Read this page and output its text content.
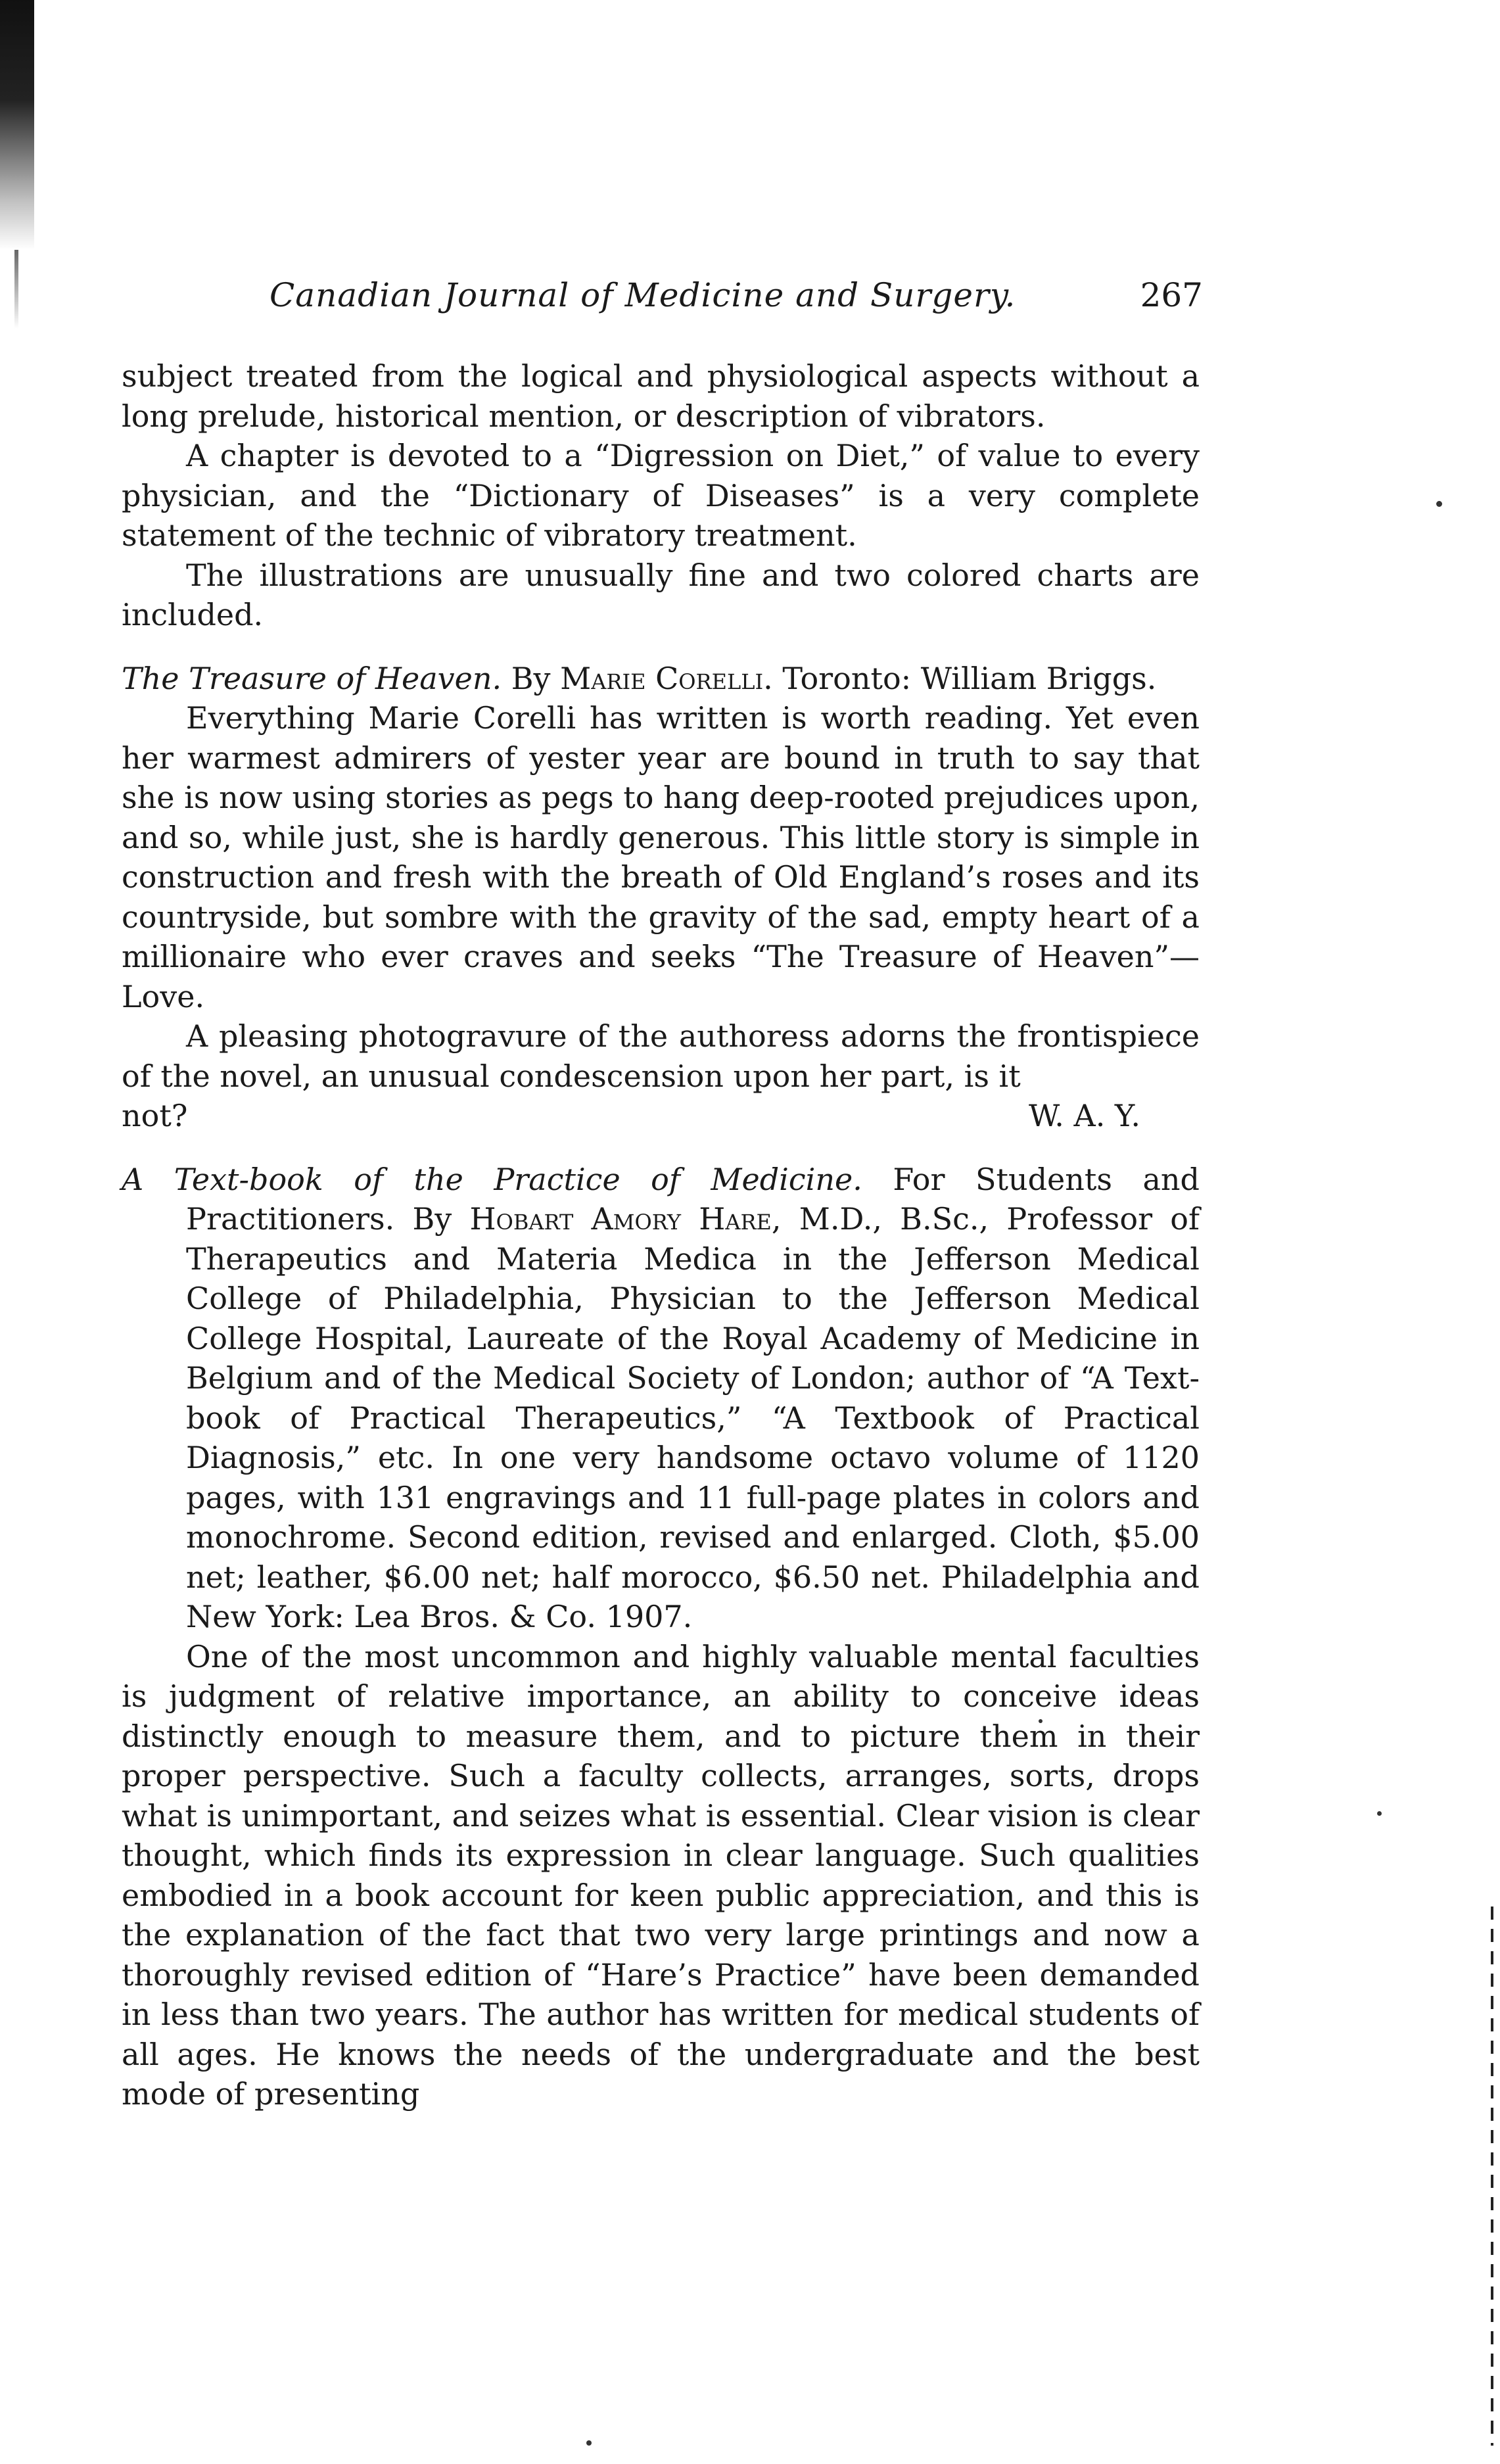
Canadian Journal of Medicine and Surgery.	267

subject treated from the logical and physiological aspects without a long prelude, historical mention, or description of vibrators.

A chapter is devoted to a “Digression on Diet,” of value to every physician, and the “Dictionary of Diseases” is a very complete statement of the technic of vibratory treatment.

The illustrations are unusually fine and two colored charts are included.

The Treasure of Heaven. By Marie Corelli. Toronto: William Briggs.

Everything Marie Corelli has written is worth reading. Yet even her warmest admirers of yester year are bound in truth to say that she is now using stories as pegs to hang deep-rooted prejudices upon, and so, while just, she is hardly generous. This little story is simple in construction and fresh with the breath of Old England’s roses and its countryside, but sombre with the gravity of the sad, empty heart of a millionaire who ever craves and seeks “The Treasure of Heaven”—Love.

A pleasing photogravure of the authoress adorns the frontispiece of the novel, an unusual condescension upon her part, is it

not?	W. A. Y.

A Text-book of the Practice of Medicine. For Students and Practitioners. By Hobart Amory Hare, M.D., B.Sc., Professor of Therapeutics and Materia Medica in the Jefferson Medical College of Philadelphia, Physician to the Jefferson Medical College Hospital, Laureate of the Royal Academy of Medicine in Belgium and of the Medical Society of London; author of “A Text-book of Practical Therapeutics,” “A Textbook of Practical Diagnosis,” etc. In one very handsome octavo volume of 1120 pages, with 131 engravings and 11 full-page plates in colors and monochrome. Second edition, revised and enlarged. Cloth, $5.00 net; leather, $6.00 net; half morocco, $6.50 net. Philadelphia and New York: Lea Bros. & Co. 1907.

One of the most uncommon and highly valuable mental faculties is judgment of relative importance, an ability to conceive ideas distinctly enough to measure them, and to picture them in their proper perspective. Such a faculty collects, arranges, sorts, drops what is unimportant, and seizes what is essential. Clear vision is clear thought, which finds its expression in clear language. Such qualities embodied in a book account for keen public appreciation, and this is the explanation of the fact that two very large printings and now a thoroughly revised edition of “Hare’s Practice” have been demanded in less than two years. The author has written for medical students of all ages. He knows the needs of the undergraduate and the best mode of presenting
